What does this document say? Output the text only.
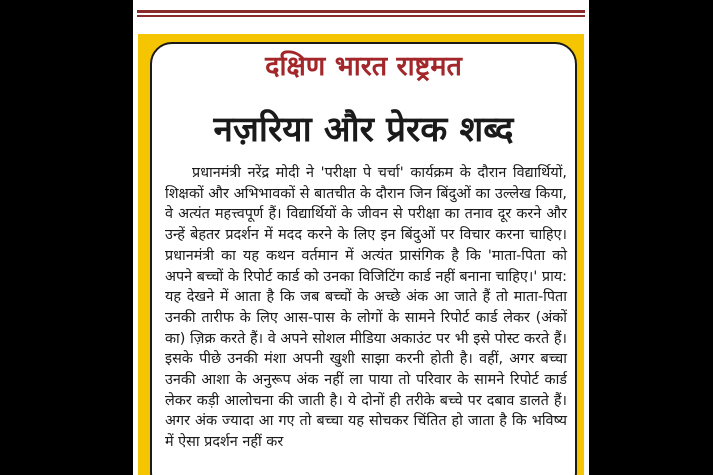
दक्षिण भारत राष्ट्रमत
नज़रिया और प्रेरक शब्द

प्रधानमंत्री नरेंद्र मोदी ने 'परीक्षा पे चर्चा' कार्यक्रम के दौरान विद्यार्थियों, शिक्षकों और अभिभावकों से बातचीत के दौरान जिन बिंदुओं का उल्लेख किया, वे अत्यंत महत्त्वपूर्ण हैं। विद्यार्थियों के जीवन से परीक्षा का तनाव दूर करने और उन्हें बेहतर प्रदर्शन में मदद करने के लिए इन बिंदुओं पर विचार करना चाहिए। प्रधानमंत्री का यह कथन वर्तमान में अत्यंत प्रासंगिक है कि 'माता-पिता को अपने बच्चों के रिपोर्ट कार्ड को उनका विजिटिंग कार्ड नहीं बनाना चाहिए।' प्राय: यह देखने में आता है कि जब बच्चों के अच्छे अंक आ जाते हैं तो माता-पिता उनकी तारीफ के लिए आस-पास के लोगों के सामने रिपोर्ट कार्ड लेकर (अंकों का) ज़िक्र करते हैं। वे अपने सोशल मीडिया अकाउंट पर भी इसे पोस्ट करते हैं। इसके पीछे उनकी मंशा अपनी खुशी साझा करनी होती है। वहीं, अगर बच्चा उनकी आशा के अनुरूप अंक नहीं ला पाया तो परिवार के सामने रिपोर्ट कार्ड लेकर कड़ी आलोचना की जाती है। ये दोनों ही तरीके बच्चे पर दबाव डालते हैं। अगर अंक ज्यादा आ गए तो बच्चा यह सोचकर चिंतित हो जाता है कि भविष्य में ऐसा प्रदर्शन नहीं कर
